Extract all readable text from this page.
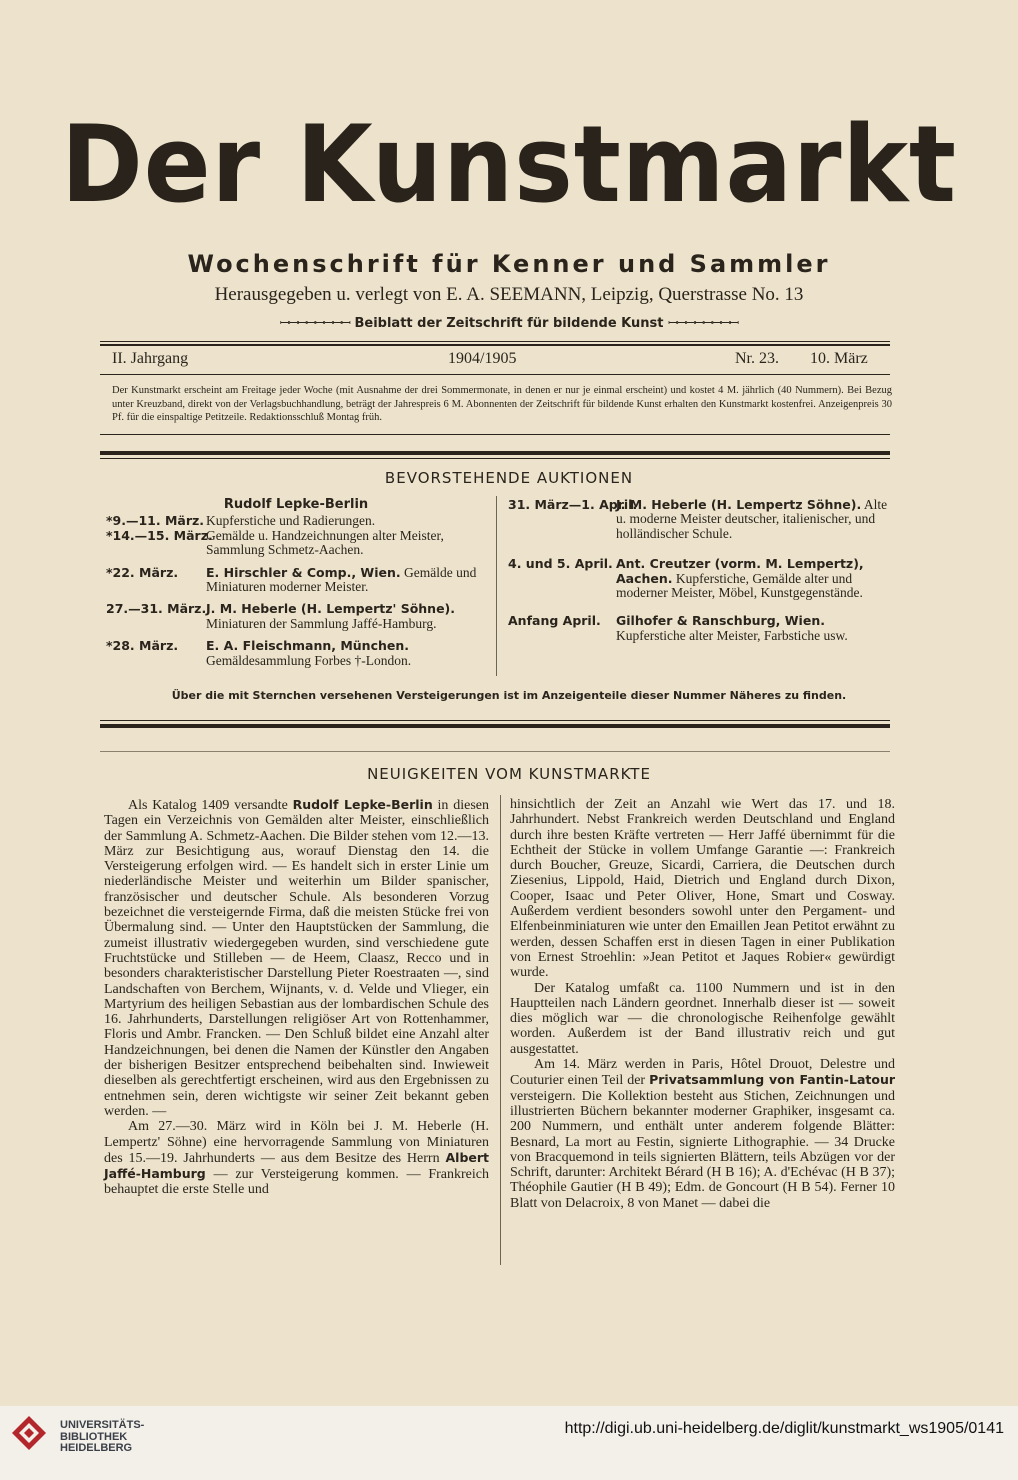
Der Kunstmarkt
Wochenschrift für Kenner und Sammler
Herausgegeben u. verlegt von E. A. SEEMANN, Leipzig, Querstrasse No. 13
ꟷꟷꟷꟷꟷꟷꟷꟷ Beiblatt der Zeitschrift für bildende Kunst ꟷꟷꟷꟷꟷꟷꟷꟷ
II. Jahrgang	1904/1905	Nr. 23. 10. März
Der Kunstmarkt erscheint am Freitage jeder Woche (mit Ausnahme der drei Sommermonate, in denen er nur je einmal erscheint) und kostet 4 M. jährlich (40 Nummern). Bei Bezug unter Kreuzband, direkt von der Verlagsbuchhandlung, beträgt der Jahrespreis 6 M. Abonnenten der Zeitschrift für bildende Kunst erhalten den Kunstmarkt kostenfrei. Anzeigenpreis 30 Pf. für die einspaltige Petitzeile. Redaktionsschluß Montag früh.
BEVORSTEHENDE AUKTIONEN
Rudolf Lepke-Berlin
*9.—11. März. Kupferstiche und Radierungen.
*14.—15. März.
Gemälde u. Handzeichnungen alter Meister, Sammlung Schmetz-Aachen.
*22. März. E. Hirschler & Comp., Wien. Gemälde und Miniaturen moderner Meister.
27.—31. März. J. M. Heberle (H. Lempertz' Söhne). Miniaturen der Sammlung Jaffé-Hamburg.
*28. März. E. A. Fleischmann, München. Gemäldesammlung Forbes †-London.
31. März—1. April.
J. M. Heberle (H. Lempertz Söhne). Alte u. moderne Meister deutscher, italienischer, und holländischer Schule.
4. und 5. April. Ant. Creutzer (vorm. M. Lempertz), Aachen. Kupferstiche, Gemälde alter und moderner Meister, Möbel, Kunstgegenstände.
Anfang April. Gilhofer & Ranschburg, Wien. Kupferstiche alter Meister, Farbstiche usw.
Über die mit Sternchen versehenen Versteigerungen ist im Anzeigenteile dieser Nummer Näheres zu finden.
NEUIGKEITEN VOM KUNSTMARKTE

Als Katalog 1409 versandte Rudolf Lepke-Berlin in diesen Tagen ein Verzeichnis von Gemälden alter Meister, einschließlich der Sammlung A. Schmetz-Aachen. Die Bilder stehen vom 12.—13. März zur Besichtigung aus, worauf Dienstag den 14. die Versteigerung erfolgen wird. — Es handelt sich in erster Linie um niederländische Meister und weiterhin um Bilder spanischer, französischer und deutscher Schule. Als besonderen Vorzug bezeichnet die versteigernde Firma, daß die meisten Stücke frei von Übermalung sind. — Unter den Hauptstücken der Sammlung, die zumeist illustrativ wiedergegeben wurden, sind verschiedene gute Fruchtstücke und Stilleben — de Heem, Claasz, Recco und in besonders charakteristischer Darstellung Pieter Roestraaten —, sind Landschaften von Berchem, Wijnants, v. d. Velde und Vlieger, ein Martyrium des heiligen Sebastian aus der lombardischen Schule des 16. Jahrhunderts, Darstellungen religiöser Art von Rottenhammer, Floris und Ambr. Francken. — Den Schluß bildet eine Anzahl alter Handzeichnungen, bei denen die Namen der Künstler den Angaben der bisherigen Besitzer entsprechend beibehalten sind. Inwieweit dieselben als gerechtfertigt erscheinen, wird aus den Ergebnissen zu entnehmen sein, deren wichtigste wir seiner Zeit bekannt geben werden. —

Am 27.—30. März wird in Köln bei J. M. Heberle (H. Lempertz' Söhne) eine hervorragende Sammlung von Miniaturen des 15.—19. Jahrhunderts — aus dem Besitze des Herrn Albert Jaffé-Hamburg — zur Versteigerung kommen. — Frankreich behauptet die erste Stelle und

hinsichtlich der Zeit an Anzahl wie Wert das 17. und 18. Jahrhundert. Nebst Frankreich werden Deutschland und England durch ihre besten Kräfte vertreten — Herr Jaffé übernimmt für die Echtheit der Stücke in vollem Umfange Garantie —: Frankreich durch Boucher, Greuze, Sicardi, Carriera, die Deutschen durch Ziesenius, Lippold, Haid, Dietrich und England durch Dixon, Cooper, Isaac und Peter Oliver, Hone, Smart und Cosway. Außerdem verdient besonders sowohl unter den Pergament- und Elfenbeinminiaturen wie unter den Emaillen Jean Petitot erwähnt zu werden, dessen Schaffen erst in diesen Tagen in einer Publikation von Ernest Stroehlin: »Jean Petitot et Jaques Robier« gewürdigt wurde.

Der Katalog umfaßt ca. 1100 Nummern und ist in den Hauptteilen nach Ländern geordnet. Innerhalb dieser ist — soweit dies möglich war — die chronologische Reihenfolge gewählt worden. Außerdem ist der Band illustrativ reich und gut ausgestattet.

Am 14. März werden in Paris, Hôtel Drouot, Delestre und Couturier einen Teil der Privatsammlung von Fantin-Latour versteigern. Die Kollektion besteht aus Stichen, Zeichnungen und illustrierten Büchern bekannter moderner Graphiker, insgesamt ca. 200 Nummern, und enthält unter anderem folgende Blätter: Besnard, La mort au Festin, signierte Lithographie. — 34 Drucke von Bracquemond in teils signierten Blättern, teils Abzügen vor der Schrift, darunter: Architekt Bérard (H B 16); A. d'Echévac (H B 37); Théophile Gautier (H B 49); Edm. de Goncourt (H B 54). Ferner 10 Blatt von Delacroix, 8 von Manet — dabei die

UNIVERSITÄTS-
BIBLIOTHEK
HEIDELBERG
http://digi.ub.uni-heidelberg.de/diglit/kunstmarkt_ws1905/0141
